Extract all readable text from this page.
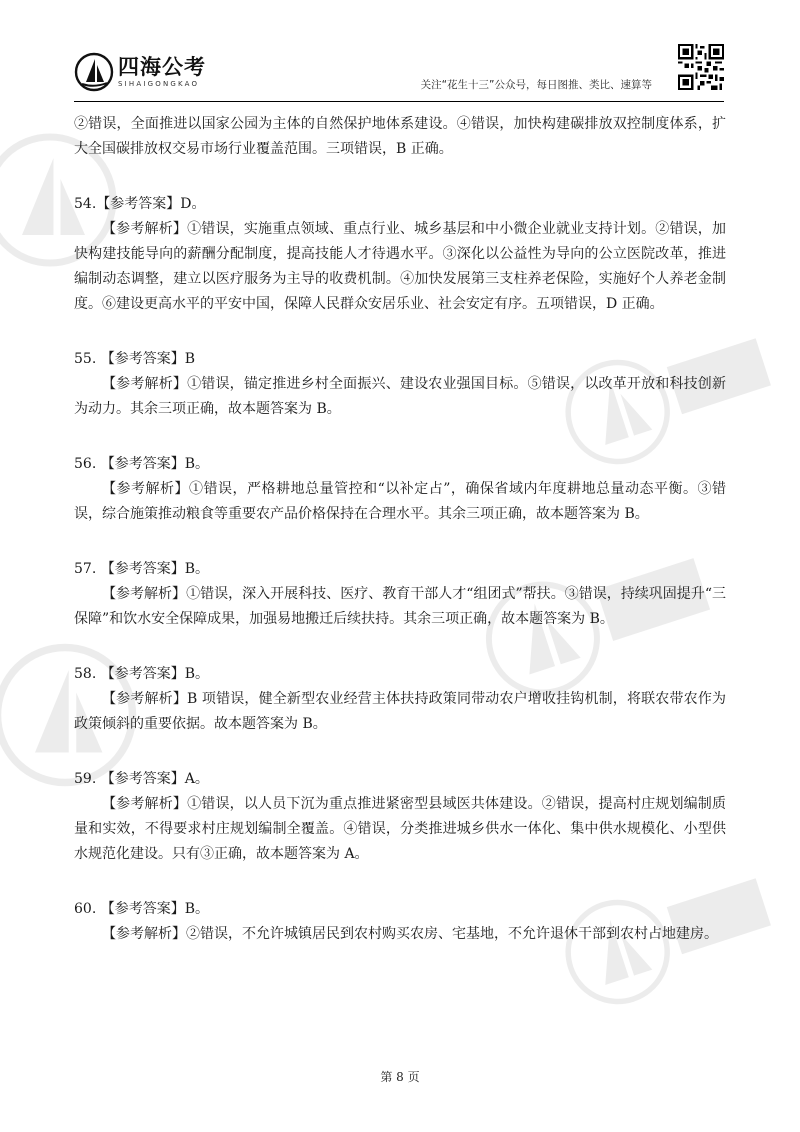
四海公考
SIHAIGONGKAO	关注“花生十三”公众号，每日图推、类比、速算等

②错误，全面推进以国家公园为主体的自然保护地体系建设。④错误，加快构建碳排放双控制度体系，扩大全国碳排放权交易市场行业覆盖范围。三项错误，B 正确。

54.【参考答案】D。

【参考解析】①错误，实施重点领域、重点行业、城乡基层和中小微企业就业支持计划。②错误，加快构建技能导向的薪酬分配制度，提高技能人才待遇水平。③深化以公益性为导向的公立医院改革，推进编制动态调整，建立以医疗服务为主导的收费机制。④加快发展第三支柱养老保险，实施好个人养老金制度。⑥建设更高水平的平安中国，保障人民群众安居乐业、社会安定有序。五项错误，D 正确。

55. 【参考答案】B

【参考解析】①错误，锚定推进乡村全面振兴、建设农业强国目标。⑤错误，以改革开放和科技创新为动力。其余三项正确，故本题答案为 B。

56. 【参考答案】B。

【参考解析】①错误，严格耕地总量管控和“以补定占”，确保省域内年度耕地总量动态平衡。③错误，综合施策推动粮食等重要农产品价格保持在合理水平。其余三项正确，故本题答案为 B。

57. 【参考答案】B。

【参考解析】①错误，深入开展科技、医疗、教育干部人才“组团式”帮扶。③错误，持续巩固提升“三保障”和饮水安全保障成果，加强易地搬迁后续扶持。其余三项正确，故本题答案为 B。

58. 【参考答案】B。

【参考解析】B 项错误，健全新型农业经营主体扶持政策同带动农户增收挂钩机制，将联农带农作为政策倾斜的重要依据。故本题答案为 B。

59. 【参考答案】A。

【参考解析】①错误，以人员下沉为重点推进紧密型县域医共体建设。②错误，提高村庄规划编制质量和实效，不得要求村庄规划编制全覆盖。④错误，分类推进城乡供水一体化、集中供水规模化、小型供水规范化建设。只有③正确，故本题答案为 A。

60. 【参考答案】B。

【参考解析】②错误，不允许城镇居民到农村购买农房、宅基地，不允许退休干部到农村占地建房。

第 8 页
